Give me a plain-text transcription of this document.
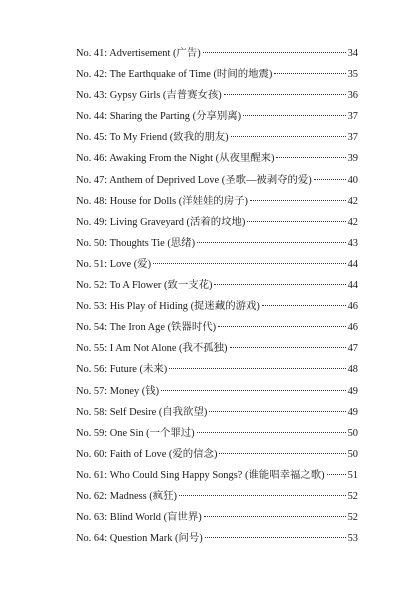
No. 41: Advertisement (广告)	34
No. 42: The Earthquake of Time (时间的地震)	35
No. 43: Gypsy Girls (吉普赛女孩)	36
No. 44: Sharing the Parting (分享别离)	37
No. 45: To My Friend (致我的朋友)	37
No. 46: Awaking From the Night (从夜里醒来)	39
No. 47: Anthem of Deprived Love (圣歌—被剥夺的爱)	40
No. 48: House for Dolls (洋娃娃的房子)	42
No. 49: Living Graveyard (活着的坟地)	42
No. 50: Thoughts Tie (思绪)	43
No. 51: Love (爱)	44
No. 52: To A Flower (致一支花)	44
No. 53: His Play of Hiding (捉迷藏的游戏)	46
No. 54: The Iron Age (铁器时代)	46
No. 55: I Am Not Alone (我不孤独)	47
No. 56: Future (未来)	48
No. 57: Money (钱)	49
No. 58: Self Desire (自我欲望)	49
No. 59: One Sin (一个罪过)	50
No. 60: Faith of Love (爱的信念)	50
No. 61: Who Could Sing Happy Songs? (谁能唱幸福之歌) 51
No. 62: Madness (疯狂)	52
No. 63: Blind World (盲世界)	52
No. 64: Question Mark (问号)	53
